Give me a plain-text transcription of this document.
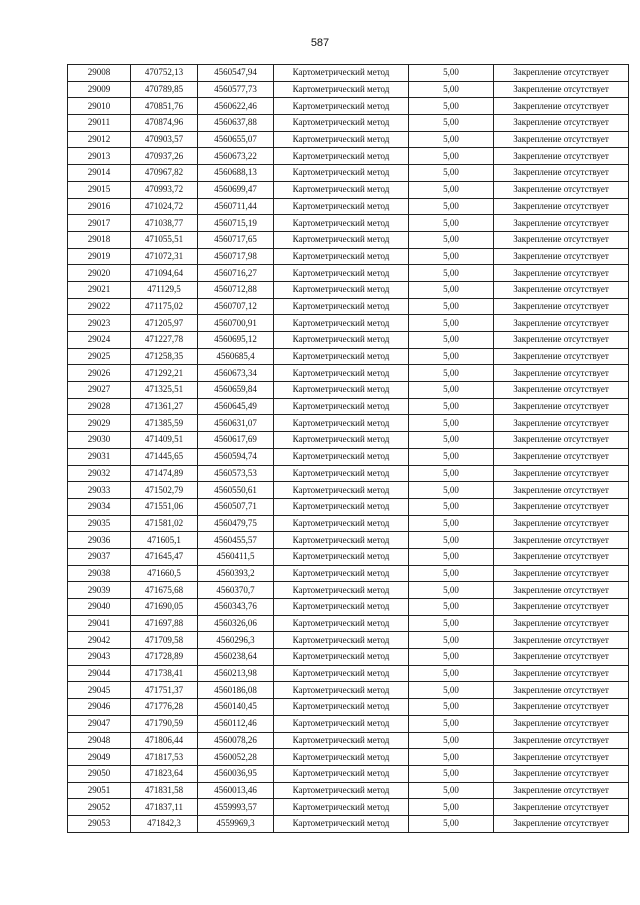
587
29008	470752,13	4560547,94	Картометрический метод	5,00	Закрепление отсутствует
29009	470789,85	4560577,73	Картометрический метод	5,00	Закрепление отсутствует
29010	470851,76	4560622,46	Картометрический метод	5,00	Закрепление отсутствует
29011	470874,96	4560637,88	Картометрический метод	5,00	Закрепление отсутствует
29012	470903,57	4560655,07	Картометрический метод	5,00	Закрепление отсутствует
29013	470937,26	4560673,22	Картометрический метод	5,00	Закрепление отсутствует
29014	470967,82	4560688,13	Картометрический метод	5,00	Закрепление отсутствует
29015	470993,72	4560699,47	Картометрический метод	5,00	Закрепление отсутствует
29016	471024,72	4560711,44	Картометрический метод	5,00	Закрепление отсутствует
29017	471038,77	4560715,19	Картометрический метод	5,00	Закрепление отсутствует
29018	471055,51	4560717,65	Картометрический метод	5,00	Закрепление отсутствует
29019	471072,31	4560717,98	Картометрический метод	5,00	Закрепление отсутствует
29020	471094,64	4560716,27	Картометрический метод	5,00	Закрепление отсутствует
29021	471129,5	4560712,88	Картометрический метод	5,00	Закрепление отсутствует
29022	471175,02	4560707,12	Картометрический метод	5,00	Закрепление отсутствует
29023	471205,97	4560700,91	Картометрический метод	5,00	Закрепление отсутствует
29024	471227,78	4560695,12	Картометрический метод	5,00	Закрепление отсутствует
29025	471258,35	4560685,4	Картометрический метод	5,00	Закрепление отсутствует
29026	471292,21	4560673,34	Картометрический метод	5,00	Закрепление отсутствует
29027	471325,51	4560659,84	Картометрический метод	5,00	Закрепление отсутствует
29028	471361,27	4560645,49	Картометрический метод	5,00	Закрепление отсутствует
29029	471385,59	4560631,07	Картометрический метод	5,00	Закрепление отсутствует
29030	471409,51	4560617,69	Картометрический метод	5,00	Закрепление отсутствует
29031	471445,65	4560594,74	Картометрический метод	5,00	Закрепление отсутствует
29032	471474,89	4560573,53	Картометрический метод	5,00	Закрепление отсутствует
29033	471502,79	4560550,61	Картометрический метод	5,00	Закрепление отсутствует
29034	471551,06	4560507,71	Картометрический метод	5,00	Закрепление отсутствует
29035	471581,02	4560479,75	Картометрический метод	5,00	Закрепление отсутствует
29036	471605,1	4560455,57	Картометрический метод	5,00	Закрепление отсутствует
29037	471645,47	4560411,5	Картометрический метод	5,00	Закрепление отсутствует
29038	471660,5	4560393,2	Картометрический метод	5,00	Закрепление отсутствует
29039	471675,68	4560370,7	Картометрический метод	5,00	Закрепление отсутствует
29040	471690,05	4560343,76	Картометрический метод	5,00	Закрепление отсутствует
29041	471697,88	4560326,06	Картометрический метод	5,00	Закрепление отсутствует
29042	471709,58	4560296,3	Картометрический метод	5,00	Закрепление отсутствует
29043	471728,89	4560238,64	Картометрический метод	5,00	Закрепление отсутствует
29044	471738,41	4560213,98	Картометрический метод	5,00	Закрепление отсутствует
29045	471751,37	4560186,08	Картометрический метод	5,00	Закрепление отсутствует
29046	471776,28	4560140,45	Картометрический метод	5,00	Закрепление отсутствует
29047	471790,59	4560112,46	Картометрический метод	5,00	Закрепление отсутствует
29048	471806,44	4560078,26	Картометрический метод	5,00	Закрепление отсутствует
29049	471817,53	4560052,28	Картометрический метод	5,00	Закрепление отсутствует
29050	471823,64	4560036,95	Картометрический метод	5,00	Закрепление отсутствует
29051	471831,58	4560013,46	Картометрический метод	5,00	Закрепление отсутствует
29052	471837,11	4559993,57	Картометрический метод	5,00	Закрепление отсутствует
29053	471842,3	4559969,3	Картометрический метод	5,00	Закрепление отсутствует
